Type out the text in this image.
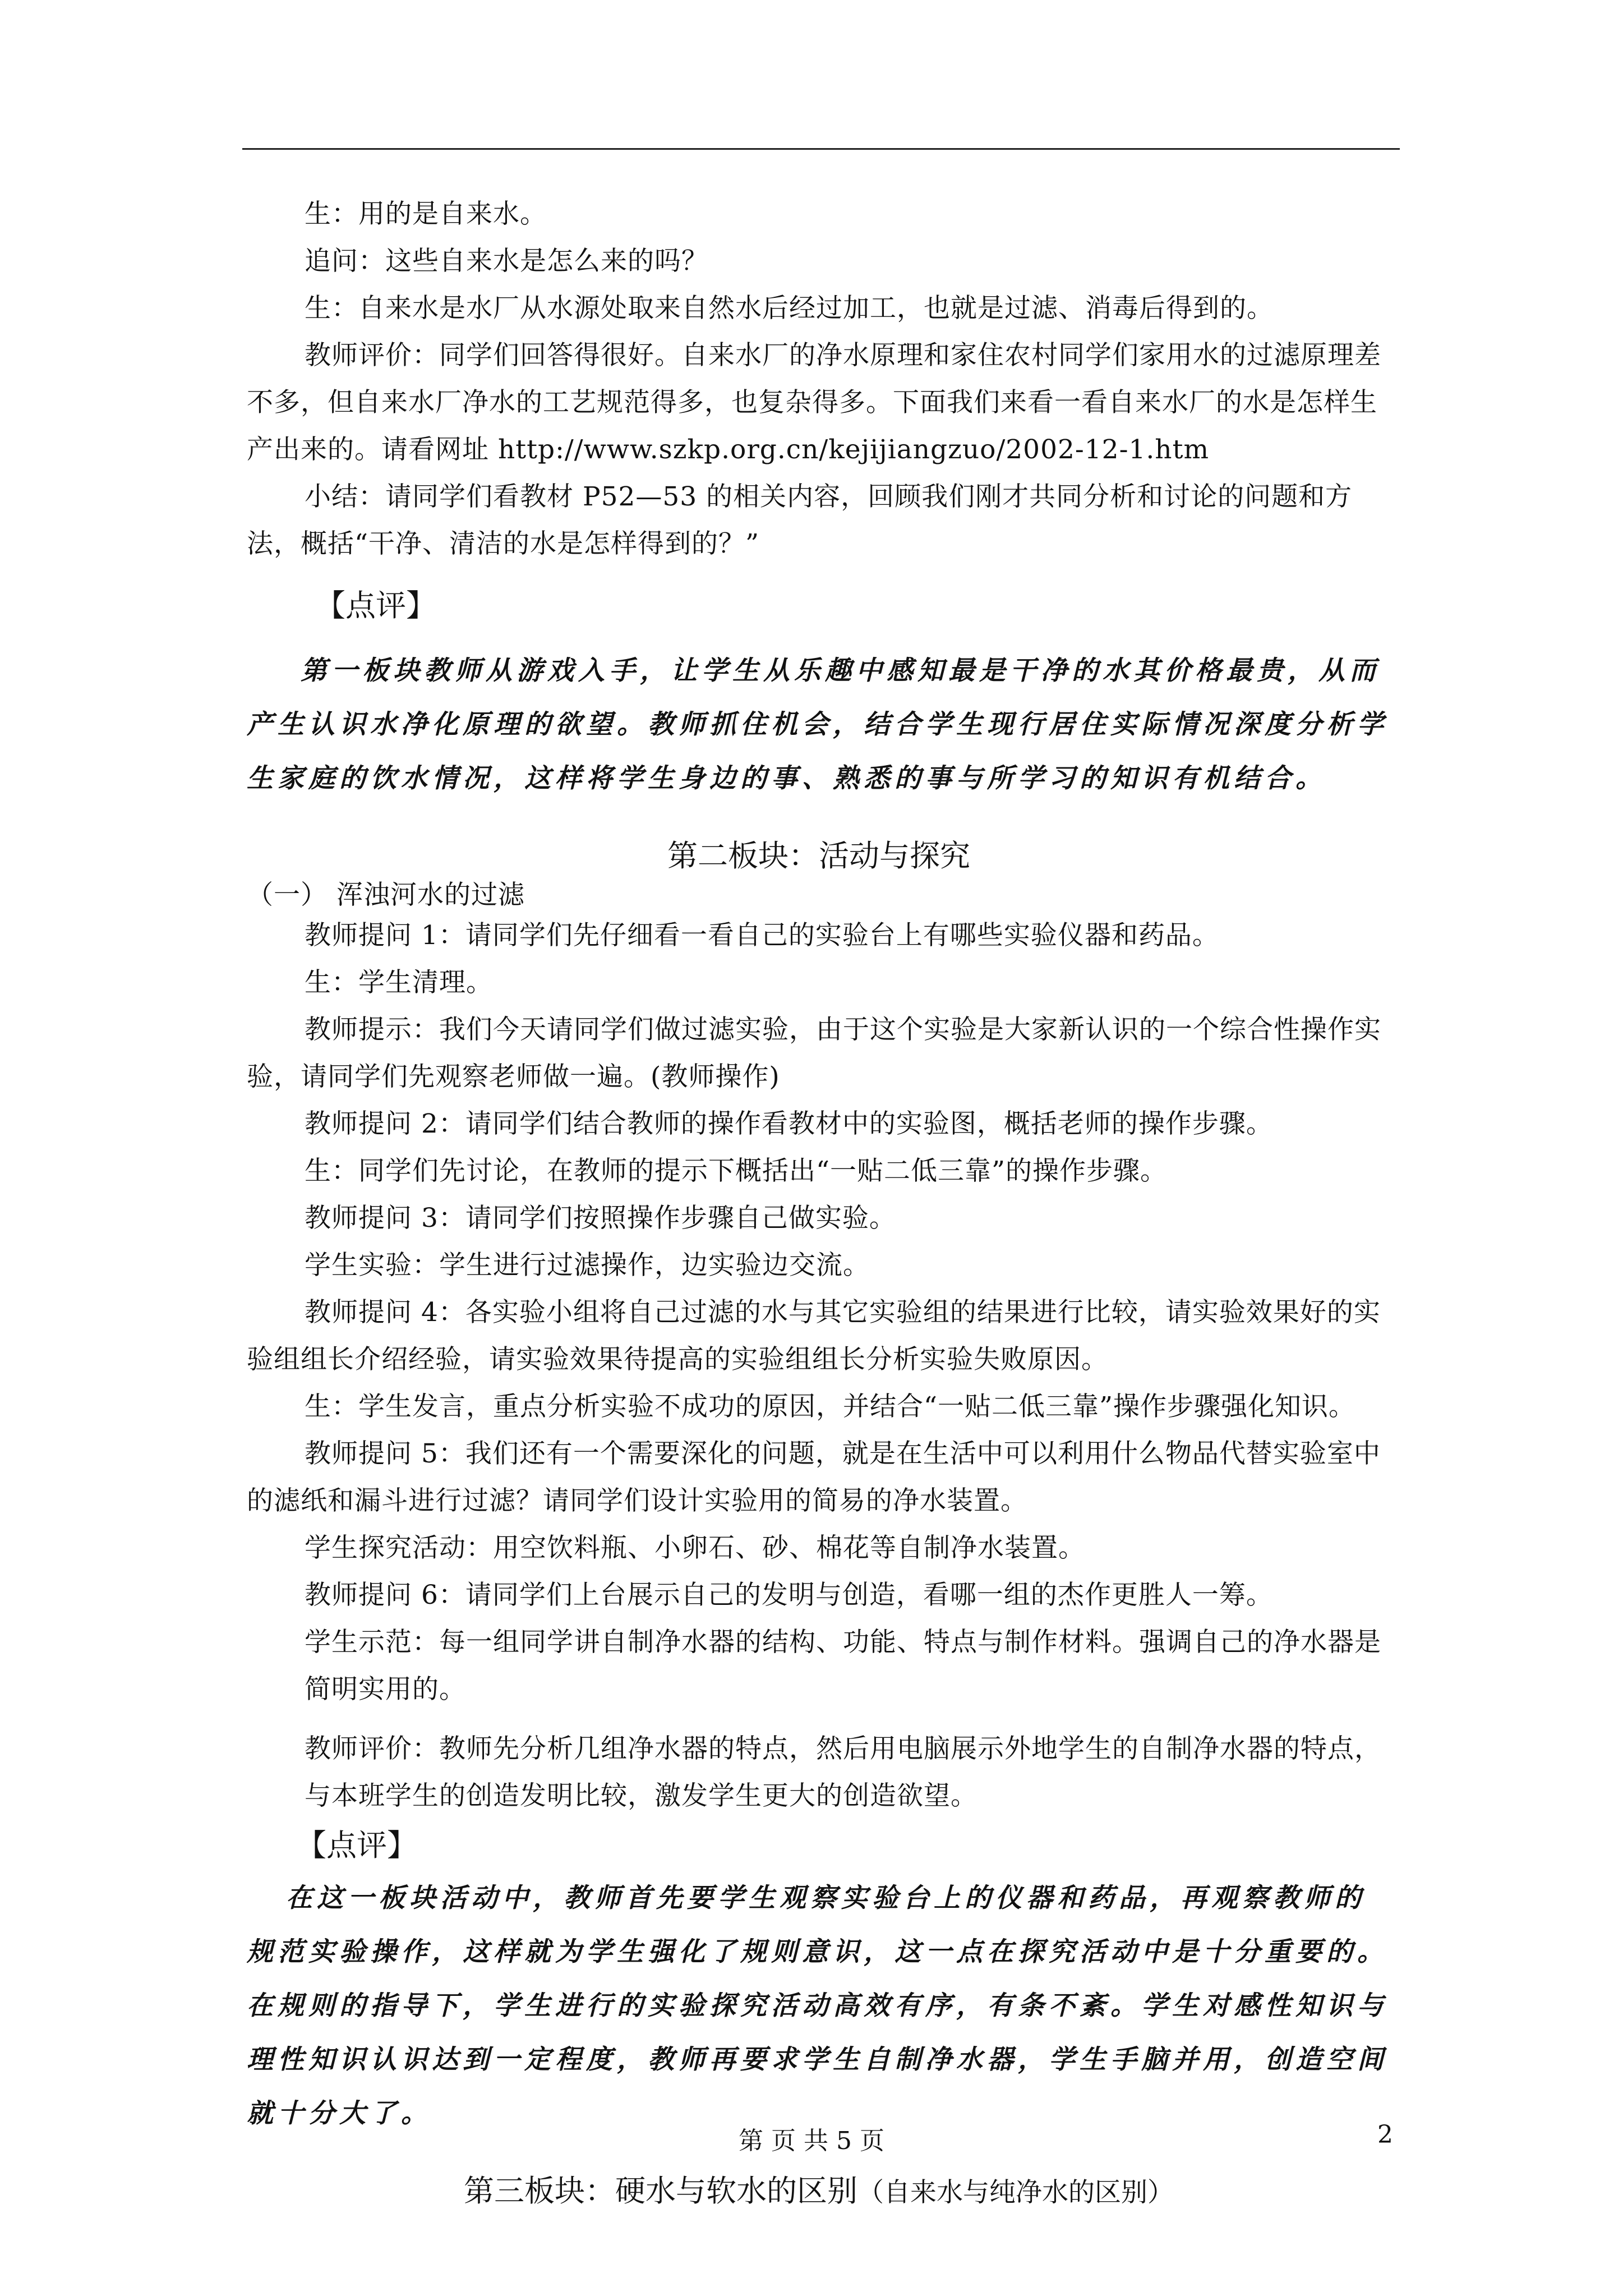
生：用的是自来水。

追问：这些自来水是怎么来的吗？

生：自来水是水厂从水源处取来自然水后经过加工，也就是过滤、消毒后得到的。

教师评价：同学们回答得很好。自来水厂的净水原理和家住农村同学们家用水的过滤原理差不多，但自来水厂净水的工艺规范得多，也复杂得多。下面我们来看一看自来水厂的水是怎样生产出来的。请看网址 http://www.szkp.org.cn/kejijiangzuo/2002-12-1.htm

小结：请同学们看教材 P52—53 的相关内容，回顾我们刚才共同分析和讨论的问题和方法，概括“干净、清洁的水是怎样得到的？”

【点评】

第一板块教师从游戏入手，让学生从乐趣中感知最是干净的水其价格最贵，从而产生认识水净化原理的欲望。教师抓住机会，结合学生现行居住实际情况深度分析学生家庭的饮水情况，这样将学生身边的事、熟悉的事与所学习的知识有机结合。

第二板块：活动与探究

（一） 浑浊河水的过滤

教师提问 1：请同学们先仔细看一看自己的实验台上有哪些实验仪器和药品。

生：学生清理。

教师提示：我们今天请同学们做过滤实验，由于这个实验是大家新认识的一个综合性操作实验，请同学们先观察老师做一遍。(教师操作)

教师提问 2：请同学们结合教师的操作看教材中的实验图，概括老师的操作步骤。

生：同学们先讨论，在教师的提示下概括出“一贴二低三靠”的操作步骤。

教师提问 3：请同学们按照操作步骤自己做实验。

学生实验：学生进行过滤操作，边实验边交流。

教师提问 4：各实验小组将自己过滤的水与其它实验组的结果进行比较，请实验效果好的实验组组长介绍经验，请实验效果待提高的实验组组长分析实验失败原因。

生：学生发言，重点分析实验不成功的原因，并结合“一贴二低三靠”操作步骤强化知识。

教师提问 5：我们还有一个需要深化的问题，就是在生活中可以利用什么物品代替实验室中的滤纸和漏斗进行过滤？请同学们设计实验用的简易的净水装置。

学生探究活动：用空饮料瓶、小卵石、砂、棉花等自制净水装置。

教师提问 6：请同学们上台展示自己的发明与创造，看哪一组的杰作更胜人一筹。

学生示范：每一组同学讲自制净水器的结构、功能、特点与制作材料。强调自己的净水器是简明实用的。

教师评价：教师先分析几组净水器的特点，然后用电脑展示外地学生的自制净水器的特点，与本班学生的创造发明比较，激发学生更大的创造欲望。

【点评】

在这一板块活动中，教师首先要学生观察实验台上的仪器和药品，再观察教师的规范实验操作，这样就为学生强化了规则意识，这一点在探究活动中是十分重要的。在规则的指导下，学生进行的实验探究活动高效有序，有条不紊。学生对感性知识与理性知识认识达到一定程度，教师再要求学生自制净水器，学生手脑并用，创造空间就十分大了。

第三板块：硬水与软水的区别（自来水与纯净水的区别）

第 页 共 5 页	2
